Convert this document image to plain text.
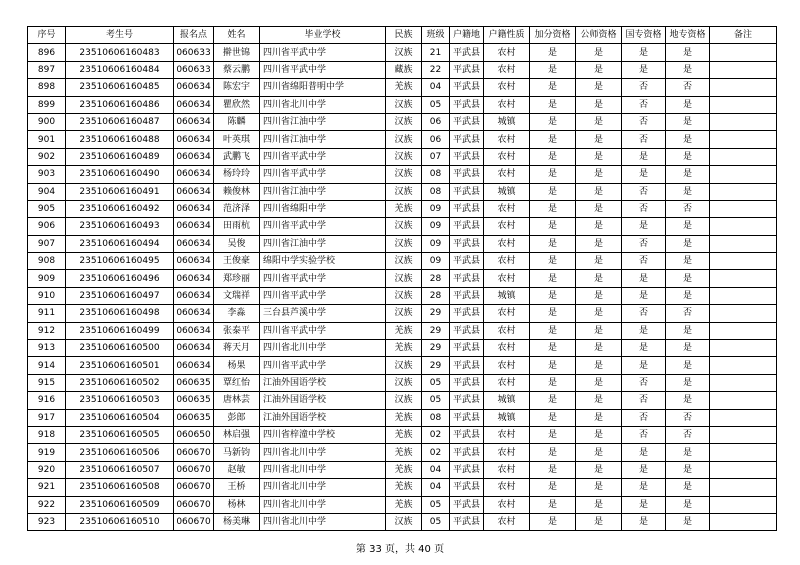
序号	考生号	报名点	姓名	毕业学校	民族	班级	户籍地	户籍性质	加分资格	公师资格	国专资格	地专资格	备注
896	23510606160483	060633	擀世锦	四川省平武中学	汉族	21	平武县	农村	是	是	是	是	
897	23510606160484	060633	蔡云鹏	四川省平武中学	藏族	22	平武县	农村	是	是	是	是	
898	23510606160485	060634	陈宏宇	四川省绵阳普明中学	羌族	04	平武县	农村	是	是	否	否	
899	23510606160486	060634	瞿欣然	四川省北川中学	汉族	05	平武县	农村	是	是	否	是	
900	23510606160487	060634	陈麟	四川省江油中学	汉族	06	平武县	城镇	是	是	否	是	
901	23510606160488	060634	叶英琪	四川省江油中学	汉族	06	平武县	农村	是	是	否	是	
902	23510606160489	060634	武鹏飞	四川省平武中学	汉族	07	平武县	农村	是	是	是	是	
903	23510606160490	060634	杨玲玲	四川省平武中学	汉族	08	平武县	农村	是	是	是	是	
904	23510606160491	060634	赖俊林	四川省江油中学	汉族	08	平武县	城镇	是	是	否	是	
905	23510606160492	060634	范济泽	四川省绵阳中学	羌族	09	平武县	农村	是	是	否	否	
906	23510606160493	060634	田雨杭	四川省平武中学	汉族	09	平武县	农村	是	是	是	是	
907	23510606160494	060634	吴俊	四川省江油中学	汉族	09	平武县	农村	是	是	否	是	
908	23510606160495	060634	王俊豪	绵阳中学实验学校	汉族	09	平武县	农村	是	是	否	是	
909	23510606160496	060634	郑珍丽	四川省平武中学	汉族	28	平武县	农村	是	是	是	是	
910	23510606160497	060634	文瑞祥	四川省平武中学	汉族	28	平武县	城镇	是	是	是	是	
911	23510606160498	060634	李淼	三台县芦溪中学	汉族	29	平武县	农村	是	是	否	否	
912	23510606160499	060634	张泰平	四川省平武中学	羌族	29	平武县	农村	是	是	是	是	
913	23510606160500	060634	蒋天月	四川省北川中学	羌族	29	平武县	农村	是	是	是	是	
914	23510606160501	060634	杨果	四川省平武中学	汉族	29	平武县	农村	是	是	是	是	
915	23510606160502	060635	覃红怡	江油外国语学校	汉族	05	平武县	农村	是	是	否	是	
916	23510606160503	060635	唐林芸	江油外国语学校	汉族	05	平武县	城镇	是	是	否	是	
917	23510606160504	060635	彭郎	江油外国语学校	羌族	08	平武县	城镇	是	是	否	否	
918	23510606160505	060650	林启强	四川省梓潼中学校	羌族	02	平武县	农村	是	是	否	否	
919	23510606160506	060670	马新钧	四川省北川中学	羌族	02	平武县	农村	是	是	是	是	
920	23510606160507	060670	赵敏	四川省北川中学	羌族	04	平武县	农村	是	是	是	是	
921	23510606160508	060670	王桥	四川省北川中学	羌族	04	平武县	农村	是	是	是	是	
922	23510606160509	060670	杨林	四川省北川中学	羌族	05	平武县	农村	是	是	是	是	
923	23510606160510	060670	杨美琳	四川省北川中学	汉族	05	平武县	农村	是	是	是	是	
第 33 页，共 40 页
